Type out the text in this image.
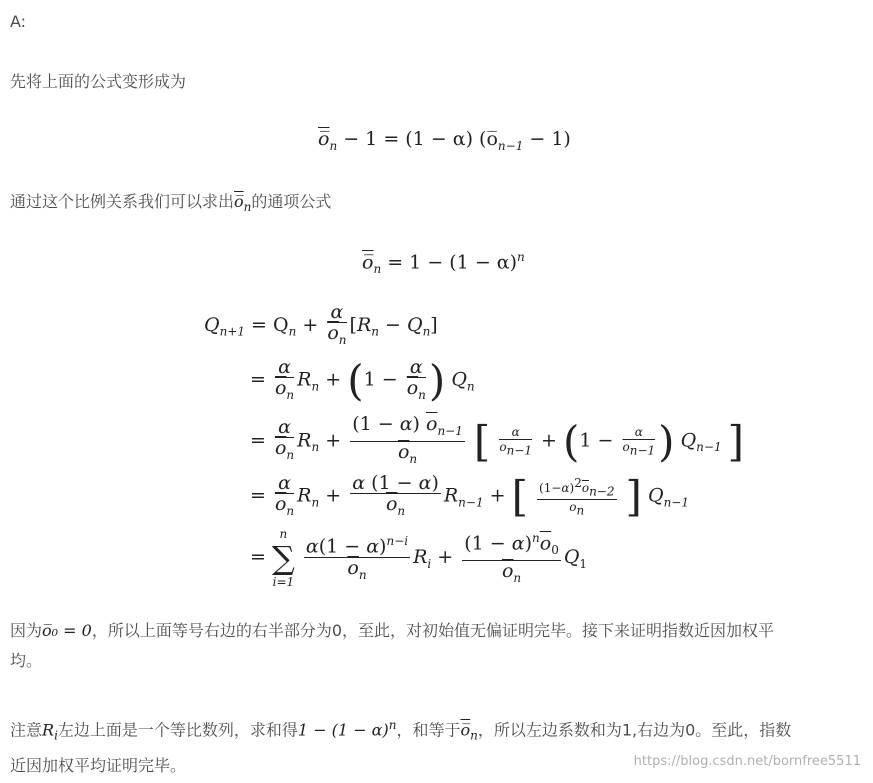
A:
先将上面的公式变形成为
$o̅_n - 1 = (1 - \alpha)$ $(o̅_{n-1} - 1)$
通过这个比例关系我们可以求出$o̅_n$的通项公式
$o̅_n = 1 - (1 - \alpha)^n$
$Q_{n+1} = Q_n + \frac{\alpha}{\overline{o}_n} [R_n - Q_n]$
= $\frac{\alpha}{\overline{o}_n} R_n + (1 - \frac{\alpha}{\overline{o}_n}$ ) $Q_n$
= $\frac{\alpha}{\overline{o}_n} R_n + \frac{(1 - \alpha) \overline{o}_{n-1}}{\overline{o}_n}$ [ $\frac{\alpha}{\overline{o}_{n-1}} + (1 - \frac{\alpha}{\overline{o}_{n-1}}$ ) $Q_{n-1}$ ]
= $\frac{\alpha}{\overline{o}_n} R_n + \frac{\alpha (1 - \alpha)}{\overline{o}_n} R_{n-1}$ + [ $\frac{(1-\alpha)^2\overline{o}_{n-2}}{\overline{o}_n}$ ] $Q_{n-1}$
=
n
∑
i=1
$\frac{\alpha(1 - \alpha)^{n-i}}{\overline{o}_n} R_i + \frac{(1 - \alpha)^n\overline{o}_0}{\overline{o}_n} Q_1$
因为o̅₀ = 0，所以上面等号右边的右半部分为0，至此，对初始值无偏证明完毕。接下来证明指数近因加权平
均。
注意$R_i$左边上面是一个等比数列，求和得$1 - (1 - \alpha)^n$，和等于$o̅_n$，所以左边系数和为1,右边为0。至此，指数
近因加权平均证明完毕。	https://blog.csdn.net/bornfree5511
